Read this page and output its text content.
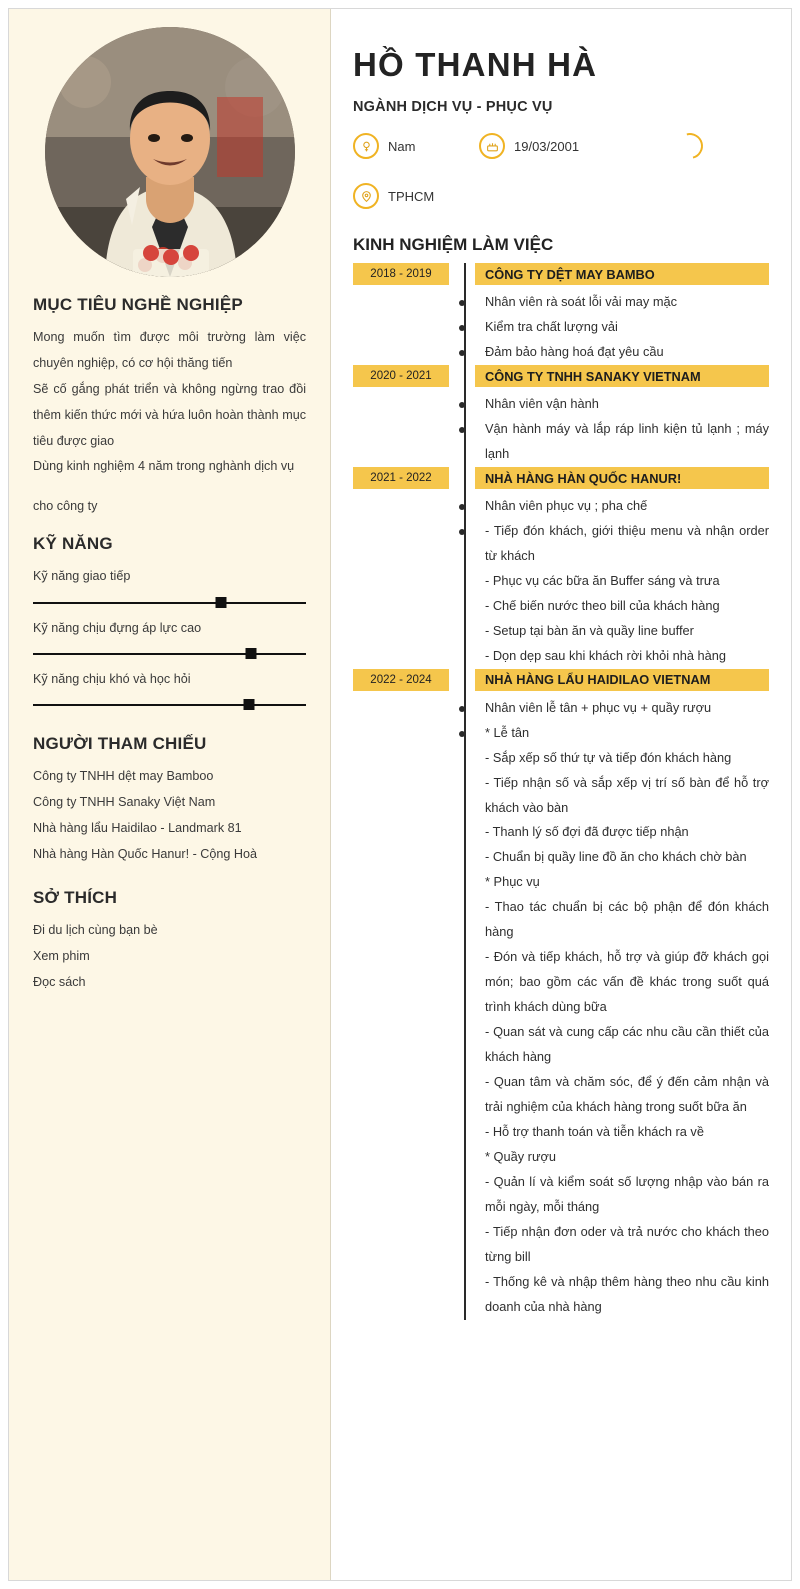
MỤC TIÊU NGHỀ NGHIỆP

Mong muốn tìm được môi trường làm việc chuyên nghiệp, có cơ hội thăng tiến

Sẽ cố gắng phát triển và không ngừng trao đồi thêm kiến thức mới và hứa luôn hoàn thành mục tiêu được giao

Dùng kinh nghiệm 4 năm trong nghành dịch vụ

cho công ty

KỸ NĂNG
Kỹ năng giao tiếp
Kỹ năng chịu đựng áp lực cao
Kỹ năng chịu khó và học hỏi
NGƯỜI THAM CHIẾU
Công ty TNHH dệt may Bamboo
Công ty TNHH Sanaky Việt Nam
Nhà hàng lẩu Haidilao - Landmark 81
Nhà hàng Hàn Quốc Hanur! - Cộng Hoà
SỞ THÍCH
Đi du lịch cùng bạn bè
Xem phim
Đọc sách
HỒ THANH HÀ
NGÀNH DỊCH VỤ - PHỤC VỤ
Nam	19/03/2001
TPHCM
KINH NGHIỆM LÀM VIỆC
2018 - 2019	CÔNG TY DỆT MAY BAMBO
Nhân viên rà soát lỗi vải may mặc
Kiểm tra chất lượng vải
Đảm bảo hàng hoá đạt yêu cầu
2020 - 2021	CÔNG TY TNHH SANAKY VIETNAM
Nhân viên vận hành
Vận hành máy và lắp ráp linh kiện tủ lạnh ; máy lạnh
2021 - 2022	NHÀ HÀNG HÀN QUỐC HANUR!
Nhân viên phục vụ ; pha chế
- Tiếp đón khách, giới thiệu menu và nhận order từ khách
- Phục vụ các bữa ăn Buffer sáng và trưa
- Chế biến nước theo bill của khách hàng
- Setup tại bàn ăn và quầy line buffer
- Dọn dẹp sau khi khách rời khỏi nhà hàng
2022 - 2024	NHÀ HÀNG LẨU HAIDILAO VIETNAM
Nhân viên lễ tân + phục vụ + quầy rượu
* Lễ tân
- Sắp xếp số thứ tự và tiếp đón khách hàng
- Tiếp nhận số và sắp xếp vị trí số bàn để hỗ trợ khách vào bàn
- Thanh lý số đợi đã được tiếp nhận
- Chuẩn bị quầy line đồ ăn cho khách chờ bàn
* Phục vụ
- Thao tác chuẩn bị các bộ phận để đón khách hàng
- Đón và tiếp khách, hỗ trợ và giúp đỡ khách gọi món; bao gồm các vấn đề khác trong suốt quá trình khách dùng bữa
- Quan sát và cung cấp các nhu cầu cần thiết của khách hàng
- Quan tâm và chăm sóc, để ý đến cảm nhận và trải nghiệm của khách hàng trong suốt bữa ăn
- Hỗ trợ thanh toán và tiễn khách ra về
* Quầy rượu
- Quản lí và kiểm soát số lượng nhập vào bán ra mỗi ngày, mỗi tháng
- Tiếp nhận đơn oder và trả nước cho khách theo từng bill
- Thống kê và nhập thêm hàng theo nhu cầu kinh doanh của nhà hàng
